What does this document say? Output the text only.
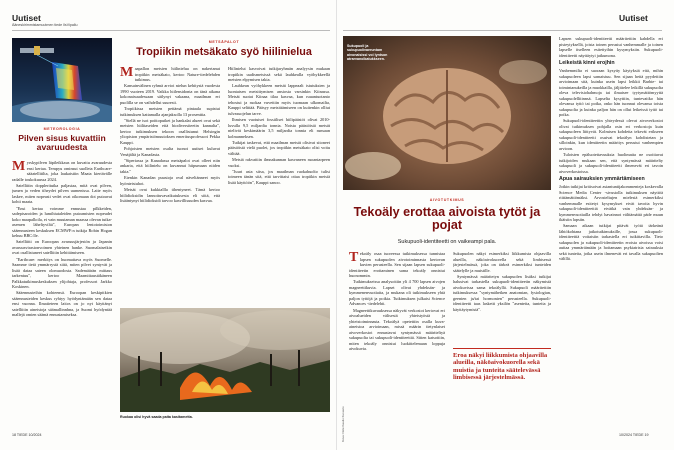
Uutiset
Ääneskirimmistamuutmen tiede lIsVipallu
METEOROLOGIA
Pilven sisus kuvattiin avaruudesta

Myrskypilven läpileikkaus on kuvattu avaruudesta ensi kertaa. Tempyu ominsut suolleta Earthcare-sääatellitilta, joka laukaistiin Maata kiertävälle radalle toukokuussa 2024.

Satelliitin doppleritutka paljastaa, mitä ovat pilven, jumen ja veden tiheydet pilven uumenissa. Laite myös laskee, miten nopeasti vedet ovat oikomaan dot putoavat kohti maata.

"Ensi kertaa voimme ennustaa pilkkeiden, sadepisaroiden ja lumihiutaleiden putoamisten nopeudet koko maapalloila, ei vain muutaman maassa olevan tutka-asemen läheltyviltä", Europan lentotoimiston sääennusteen keskuksen ECMWF:n tutkija Robin Hogan kehuu BBC:lle.

Satelliitti on Euroopan avaruusjärjestön ja Japanin avaruusvirastonvoimen yhteinen hanke. Suomalaisetkin ovat osallistuneet satelliitin kehittämiseen.

"Earthcare: merkitys on huomattava myös Suomelle. Saamme tietä ymmärrystä siitä, miten pilvet syntyvät ja lisää dataa sateen olomuodosta. Sademäärän mittaus tarkentuu", kertoo Maamittaustäkäneen Palkkatutkimuskeskuksen ylijohtaja, professori Jarkko Koskinen.

Sääennusteihin kohteensä. Euroopan keskipitkien sääennusteiden keskus ryhtyy hyödyntämään sen dataa ensi vuonna. Ilmatieteen laitos on jo nyt käyttänyt satelliitin aineistoja säämallinnhna, ja Suomi hyödyntää mallejä omien säämä ennustamiseksa.

METSÄPALOT
Tropiikin metsäkato syö hiilinielua

Maapallon metsien hiilinielua on nakertanut tropiikin metsäkato, kertoo Nature-tiedelehden tutkimus.

Kansainvälinen ryhmä arvioi nielun kehitystä vuodesta 1990 vuoteen 2019. Vaikka hiilensidonta on tänä aikana kokonaisuudessaan säilynyt vakaana, maailman eri puolilla se on vaihdellut suuresti.

Tropiikissa metsien pettämä pintaala supistui tutkimuksen kattamalla ajanjaksolla 13 prosenttia.

"Siellä ne isot poittoputket ja hankalat alueet ovat sekä metsien hiilitaseiden että biodiversiteetin kannalta", kertoo tutkimuksen tekoon osallistunut Helsingin yliopiston ympäristömuutoksen emeritusprofessori Pekka Kauppi.

Pohjoisten metsien osalta tuonot uutiset kuluvat Venäjältä ja Kanadasta.

"Siperiassa ja Kanadassa metsäpalot ovat olleet niin ankaria, että hiilinielu on kuvannut hiipumaan niiden takia."

Etenkin Kanadan puustoja oval näveltänneet myös hyönteistuhot.

Metsät ovat kukkiallla tihentyneet. Tämä kertoo hiilidioksidin lannoituvavaikutuksesta eli siitä, että lisääntynyt hiilidioksidi tarvoo kasvillisuuden kasvua.

Hiilinielut kasvoivat tutkijaryhmän analyysin mukaan tropiikin uudismetsissä sekä lauhkealla vyöhykkeellä metsien elpymisen takia.

Lauhkean vyöhykkeen metsät lappeaalt istutuksien ja luontaisen metsittymisen ansiosta varsinkin Kiinassa. Metsät suotat Kiinaa tilaa kasvaa, kun ruuantuotanto tehostui ja ruokaa vuvettiin myös tuomaan ulkomailta, Kauppi selittää. Pääsyy metsittämiseen on kuitenkin olliut tulvasuojelun tarve.

Ihmisen vuotuiset fossiiliset hiilipäästöt olivat 2010-luvulla 9,5 miljardia tonnia. Noista päästöistä metsät nielivät keskimäärin 3,5 miljardia tonnia eli runsaan kolmanneksen.

Tutkijat taskevat, että maailman metsät olisivat sitoneet päästöistä vielä puolet, jos tropiikin metsäkato olisi voitu välttää.

Metsiä rakvattiin ilmnakunnan kasvaneen ruoantarpeen vuoksi.

"Juuri asia sitsa, jos maailman ruokahuolto tulisi toimeen tänän sitä, että tarvittaisi ottaa tropiikin metsiä lisää käyttöön", Kauppi sanoo.

Ruokaa olisi hyvä saada paita kasitametta.
18 TIEDE 10/2024
Uutiset
Sukupuoli ja sukupuolivaeruntam aivonaisissi voi lyntson atrarvanolkatukkseen.
AIVOTUTKIMUS
Tekoäly erottaa aivoista tytöt ja pojat
Sukupuoli-identiteetti on vaikeampi pala.
Kuva: Dele Kaalio Kuvasto

Tekoäly osaa tuoreessa tutkimuksessa tunnistaa lapsen sukupuolen aivotoiminnasta kertovan kuvien perusteella. Sen sijaan lapsen sukupuoli-identiteetin erottaminen sama tekoäly onnistui huonommin.

Tutkimukseissa analysoitiin yli 4 700 lapsen aivojen magneettikuvia. Lapset olivat yhdeksän- ja kymmenenvuotiaita, ja mukana oli tutkimukseen yhtä paljon tyttöjä ja poikia. Tutkimuksen julkaisi Science Advances -tiedelehti.

Magneettikuvauksessa näkyvät verkostot kertovat eri aivoalueiden välisestä yhteistyöstä ja yhteistoiminnasta. Tekoälyä opetettiin osalla kuva-aineistoa arvioimaan, missä määrin tietynlaiset aivoverkostot ennustavat syntymässä määriteltyä sukupuolta tai sukupuoli-identiteettiä. Sitten katsottiin, miten tekoäly onnistui luokittelemaan loppuja aivokuvia.

Sukupuolen näkyi esimerkiksi liikkumista ohjaavilla alueilla, näköaivokuorella sekä limbisessä järjestelmässä, joka on tärkeä esimerkiksi tunteiden säätelylle ja muistille.

Syntymässä määritetyn sukupuolen lisäksi tutkijat halusivat tarkastella sukupuoli-identiteetin näkymistä aivokuvissa sama tekoälyllä. Sukupuoli määritettiin tutkimuksessa "syntymähetken anatomian, fysiologian, geenien ja/tai hormonien" perusteella. Sukupuoli-identiteetti taas lasketti yksilön "asenteita, tunteita ja käyttäytymistä".

Eroa näkyi liikkumista ohjaavilla alueilla, näköaivokuorella sekä muistia ja tunteita säätelevässä limbisessä järjestelmässä.

Lapsen sukupuoli-identiteetti määritettiin kahdella eri pisteytyksellä, joista toinen perustui vanhemmalle ja toinen lapselle itselleen esitettyihin kysymyksiin. Sukupuoli-identiteetti näyttäytyi jatkumona.

Leikeistä kinni erojhin

Vanhemmilta ei suoraan kysytty käytyksiä eitä, mihin sukupuoleen lapsi samaistuu. Sen sijaan heitä pyydettiin arvioimaan sitä, kuinka usein lapsi leikkii Barbie- tai toimintanukeilla ja muokkailla, jäljittelee leikillä sukupuolta oleva televisiohahmoja tai ilmaisee tyytymättömyyttä sukupuolelliiinnsä. Lapselta kysyttiin, tuntevaitko hän olevansa tyttö tai poika, onko hän tuonnut olevansa toista sukupuolta ja kuinka paljon hän on ollut leikeissä tyttö tai poika.

Sukupuoli-identiteettin yhteydessä olevat aivoverkostot olivat tutkimuksen pohjalla osin eri verkostoja kuin sukupuoleen liittyvät. Kolmisen kohdetta tekevät erikseen sukupuoli-identiteetti osuivat tekoälyn kohdistetan ja silloinkin, kun identiteetin määritys perustui vanhempien arvioon.

Tuloisten epäluotettavuuksia huolimatta ne osoittavat tutkijoiden mukaan sen, että syntymässä määritelty sukupuoli ja sukupuoli-identiteetti ilmenevät eri tavoin aivoverkostoissa.

Apua sairauksien ymmärtämiseen

Jotkin tutkijat kritisoivat asiantuntijakommenteja koskevalla Science Media Center -sivustolla tutkimuksen näyttöä riittämättömäksi. Arvosteltujen mielestä esimerkiksi vanhemmalle esitetyt kysymykset eivät tavoita hyvin sukupuoli-identiteettiä eivätkä vain yhdeksän- ja kymmenvuotiailla tehdyt havainnot välttämättä päde muun ikäisiin lapsiin.

Samaan aikaan tutkijat pitävät työtä tärkeänä lähtökohtana jatkotutkimuksille, jossa sukupuoli-identiteettiä voitaisiin tarkastella eri tutkittavilla. Tieto sukupuolen ja sukupuoli-identiteetin eroista aivoissa voisi auttaa ymmärtämään ja hoitamaan psykiatrisia sairauksia sekä tunteita, jotka usein ilmenevät eri tavalla sukupuolten välillä.

10/2024 TIEDE 19
